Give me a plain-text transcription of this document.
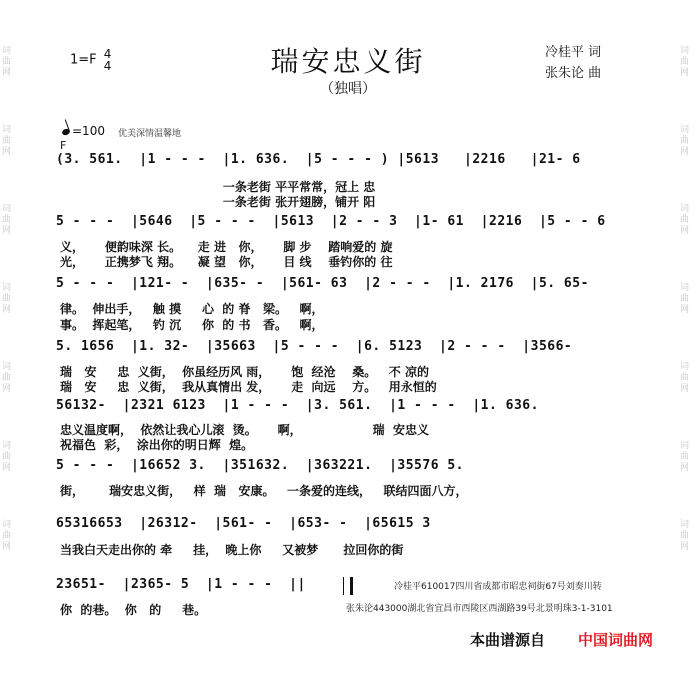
词曲网
词曲网
词曲网
词曲网
词曲网
词曲网
词曲网
词曲网
词曲网
词曲网
词曲网
词曲网
词曲网
词曲网
1=F 4
4	瑞安忠义街
（独唱）
冷桂平 词
张朱论 曲
=100 优美深情温馨地
F
(3. 561.  |1 - - -  |1. 636.  |5 - - - ) |5613   |2216   |21- 6
一条老街 平平常常，冠上 忠
一条老街 张开翅膀，铺开 阳
5 - - -  |5646  |5 - - -  |5613  |2 - - 3  |1- 61  |2216  |5 - - 6
义，     便韵味深 长。    走 进   你，     脚 步    踏响爱的 旋
光，     正携梦飞 翔。    凝 望   你，     目 线    垂钓你的 往
5 - - -  |121- -  |635- -  |561- 63  |2 - - -  |1. 2176  |5. 65-
律。  伸出手，   触 摸     心  的 脊   梁。   啊，
事。  挥起笔，   钓 沉     你  的 书   香。   啊，
5. 1656  |1. 32-  |35663  |5 - - -  |6. 5123  |2 - - -  |3566-
瑞   安     忠  义街，  你虽经历风 雨，     饱  经沧    桑。   不 凉的
瑞   安     忠  义街，  我从真情出 发，     走  向远    方。   用永恒的
56132-  |2321 6123  |1 - - -  |3. 561.  |1 - - -  |1. 636.
忠义温度啊，  依然让我心儿滚  烫。     啊，                 瑞  安忠义
祝福色  彩，  涂出你的明日辉  煌。
5 - - -  |16652 3.  |351632.  |363221.  |35576 5.
街，      瑞安忠义街，   样  瑞   安康。   一条爱的连线，   联结四面八方，
65316653  |26312-  |561- -  |653- -  |65615 3
当我白天走出你的 牵     挂，  晚上你     又被梦      拉回你的街
23651-  |2365- 5  |1 - - -  ||
你  的巷。  你   的     巷。
冷桂平610017四川省成都市昭忠祠街67号刘奏川转
张朱论443000湖北省宜昌市西陵区西湖路39号北景明珠3-1-3101
本曲谱源自 中国词曲网
